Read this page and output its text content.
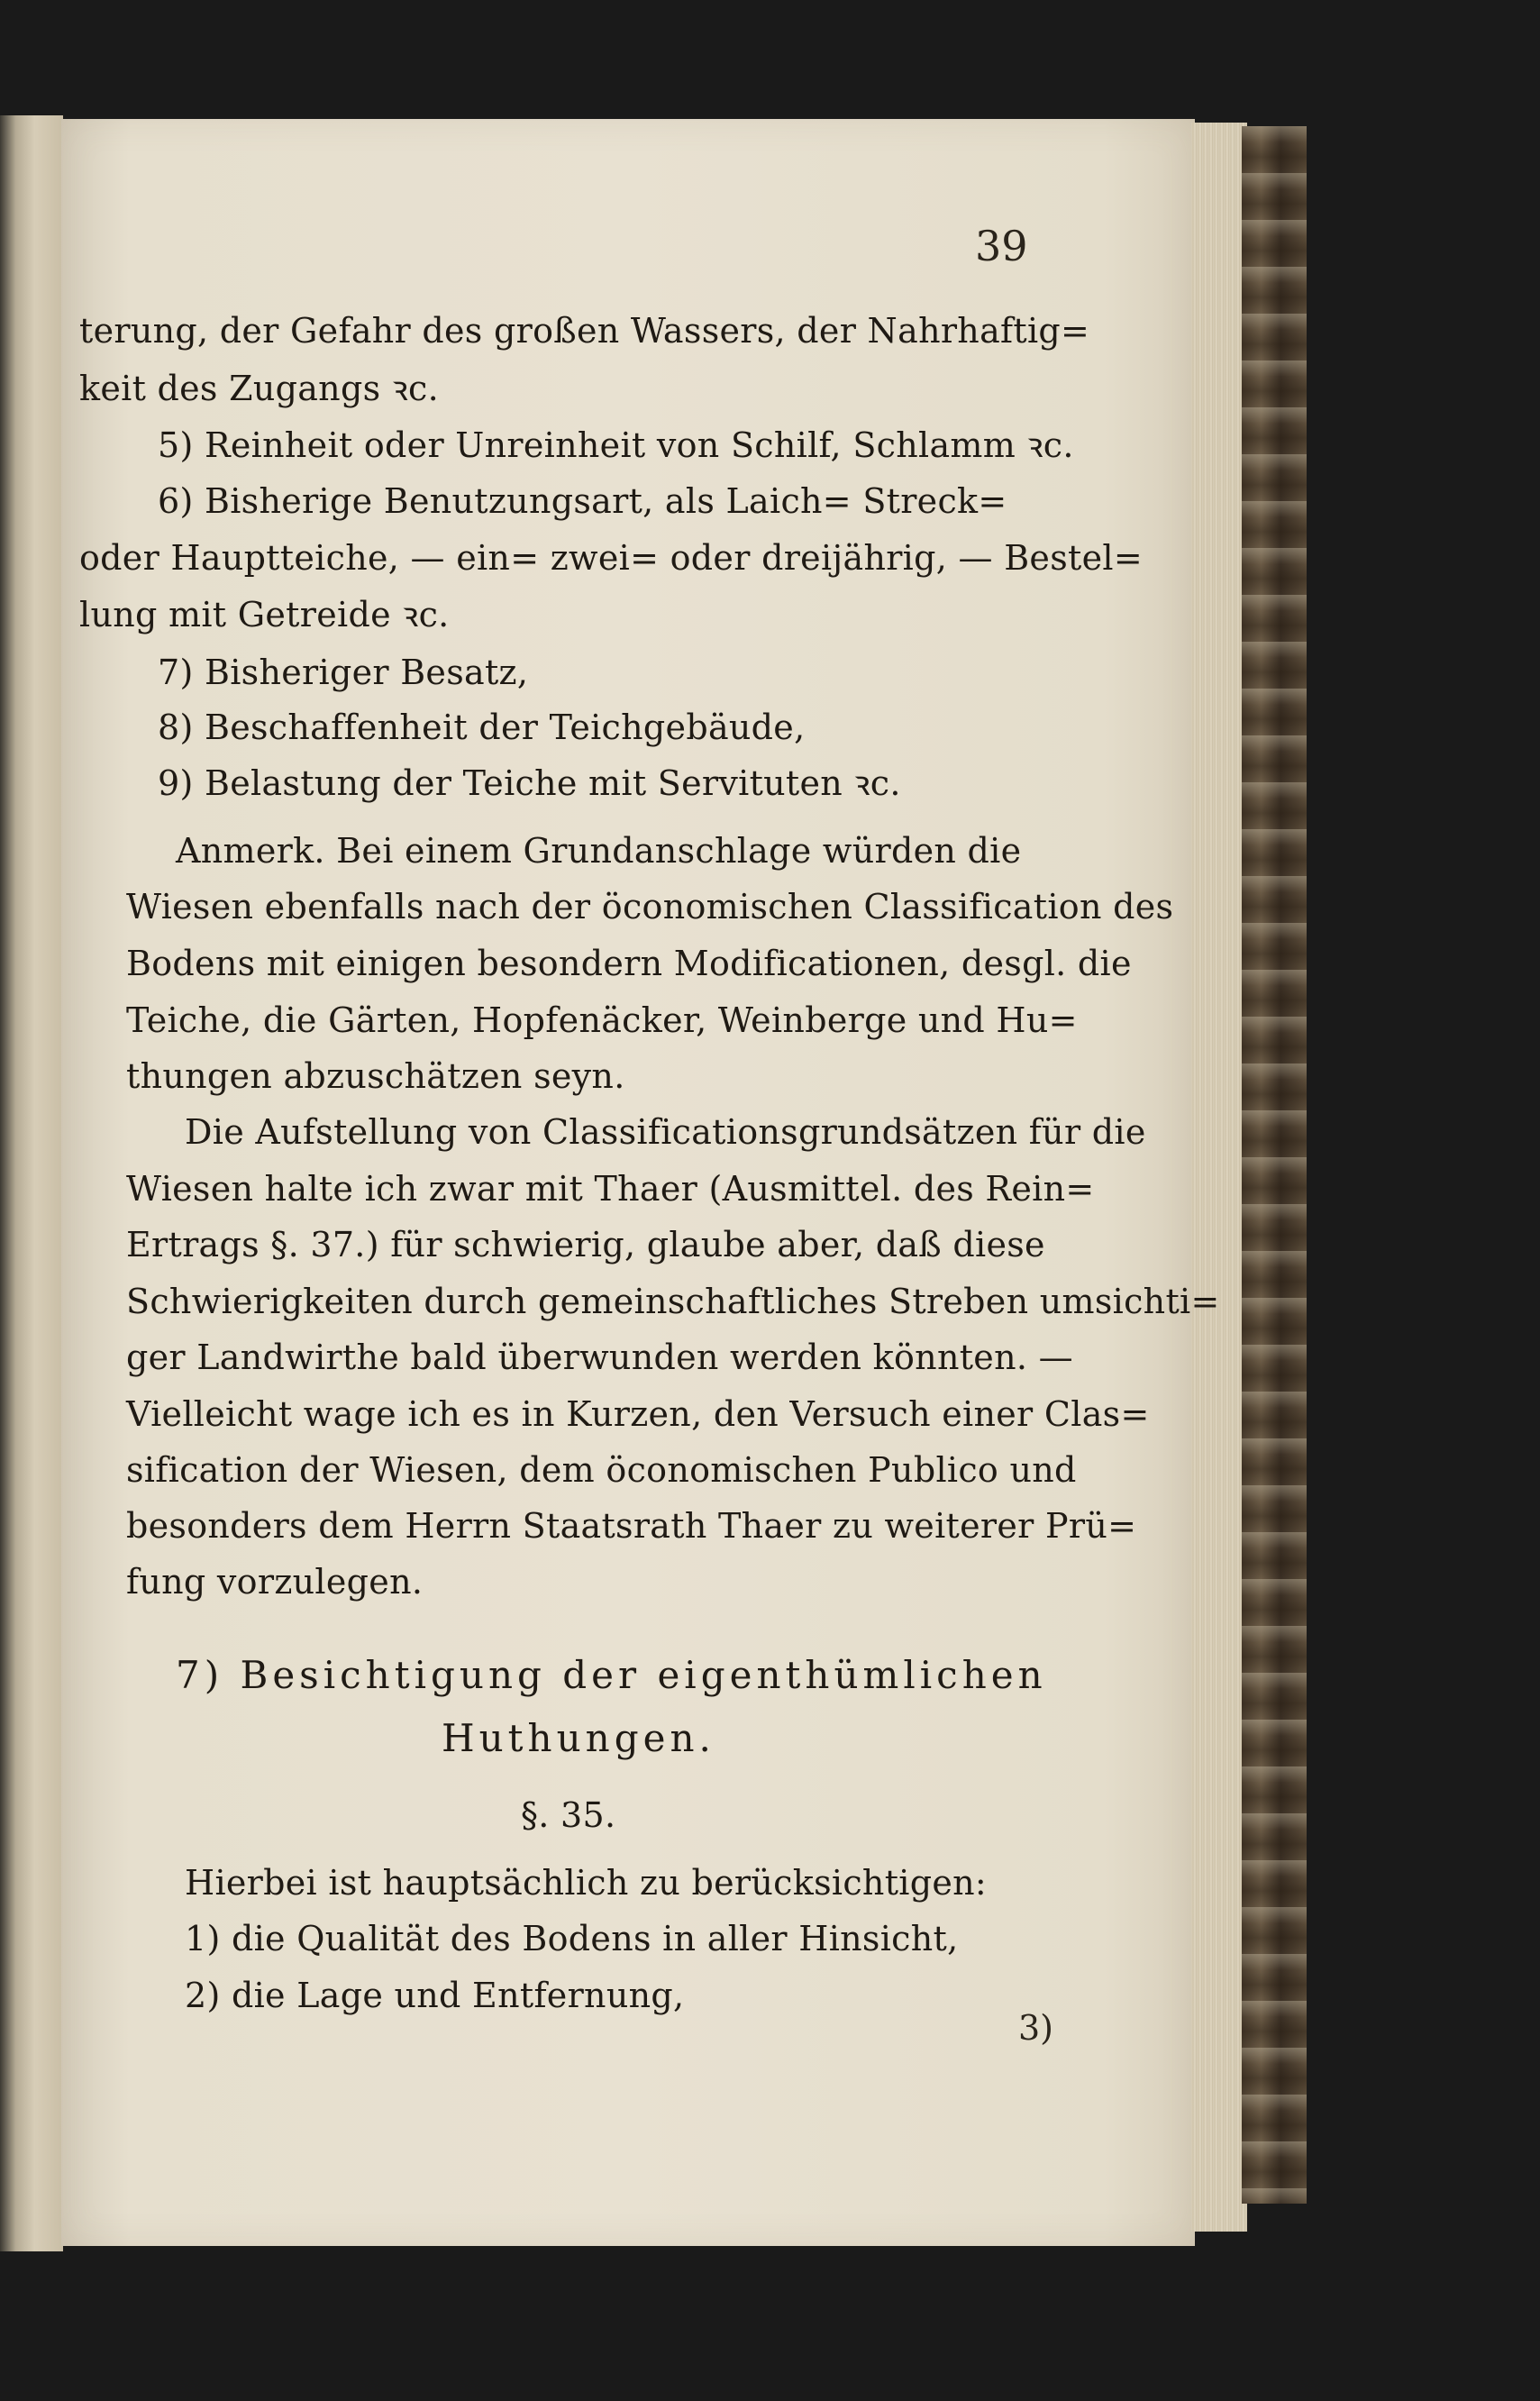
39
terung, der Gefahr des großen Wassers, der Nahrhaftig=
keit des Zugangs ꝛc.
5) Reinheit oder Unreinheit von Schilf, Schlamm ꝛc.
6) Bisherige Benutzungsart, als Laich= Streck=
oder Hauptteiche, — ein= zwei= oder dreijährig, — Bestel=
lung mit Getreide ꝛc.
7) Bisheriger Besatz,
8) Beschaffenheit der Teichgebäude,
9) Belastung der Teiche mit Servituten ꝛc.
Anmerk. Bei einem Grundanschlage würden die
Wiesen ebenfalls nach der öconomischen Classification des
Bodens mit einigen besondern Modificationen, desgl. die
Teiche, die Gärten, Hopfenäcker, Weinberge und Hu=
thungen abzuschätzen seyn.
Die Aufstellung von Classificationsgrundsätzen für die
Wiesen halte ich zwar mit Thaer (Ausmittel. des Rein=
Ertrags §. 37.) für schwierig, glaube aber, daß diese
Schwierigkeiten durch gemeinschaftliches Streben umsichti=
ger Landwirthe bald überwunden werden könnten. —
Vielleicht wage ich es in Kurzen, den Versuch einer Clas=
sification der Wiesen, dem öconomischen Publico und
besonders dem Herrn Staatsrath Thaer zu weiterer Prü=
fung vorzulegen.
7) Besichtigung der eigenthümlichen
Huthungen.
§. 35.
Hierbei ist hauptsächlich zu berücksichtigen:
1) die Qualität des Bodens in aller Hinsicht,
2) die Lage und Entfernung,
3)
